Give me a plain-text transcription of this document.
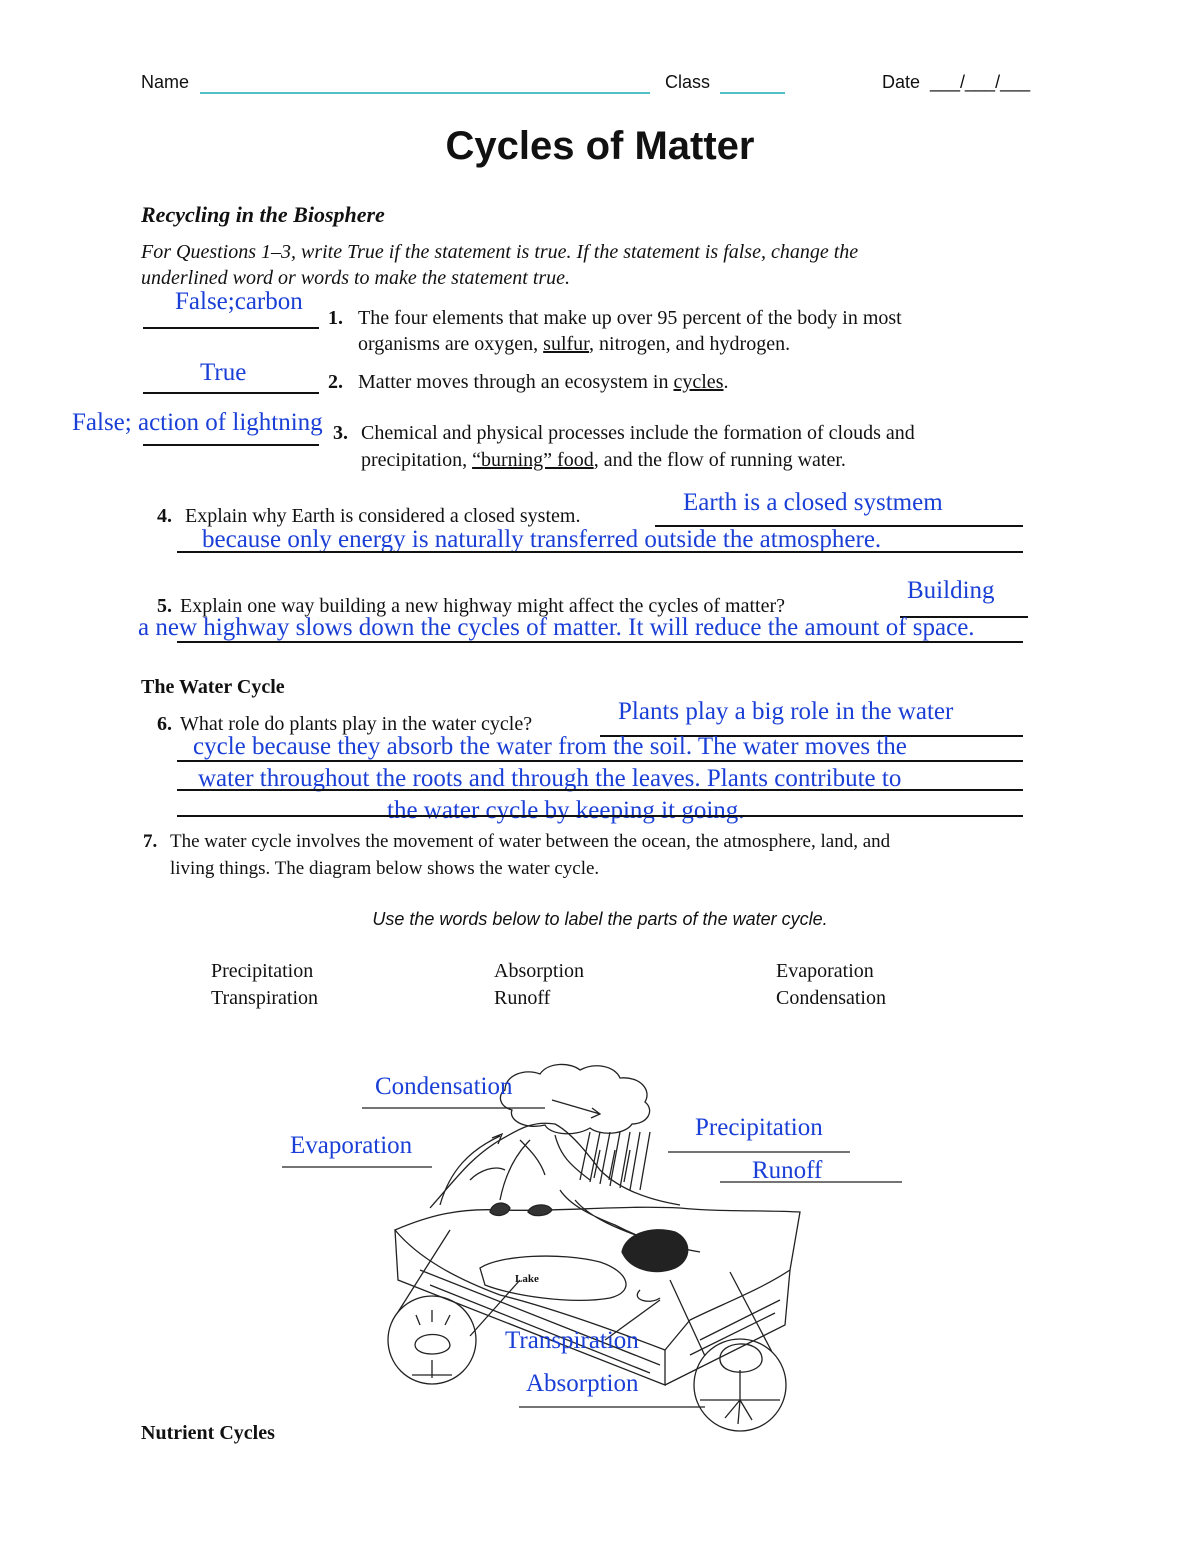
Name	Class	Date ___/___/___
Cycles of Matter
Recycling in the Biosphere
For Questions 1–3, write True if the statement is true. If the statement is false, change the
underlined word or words to make the statement true.
False;carbon
1. The four elements that make up over 95 percent of the body in most
organisms are oxygen, sulfur, nitrogen, and hydrogen.
True	2. Matter moves through an ecosystem in cycles.
False; action of lightning 3. Chemical and physical processes include the formation of clouds and
precipitation, “burning” food, and the flow of running water.
4. Explain why Earth is considered a closed system.	Earth is a closed systmem
because only energy is naturally transferred outside the atmosphere.
5. Explain one way building a new highway might affect the cycles of matter?
Building
a new highway slows down the cycles of matter. It will reduce the amount of space.
The Water Cycle
6. What role do plants play in the water cycle?	Plants play a big role in the water
cycle because they absorb the water from the soil. The water moves the
water throughout the roots and through the leaves. Plants contribute to
the water cycle by keeping it going.
7. The water cycle involves the movement of water between the ocean, the atmosphere, land, and
living things. The diagram below shows the water cycle.
Use the words below to label the parts of the water cycle.
Precipitation	Absorption	Evaporation
Transpiration	Runoff	Condensation
Lake
Condensation
Evaporation
Precipitation
Runoff
Transpiration
Absorption
Nutrient Cycles
